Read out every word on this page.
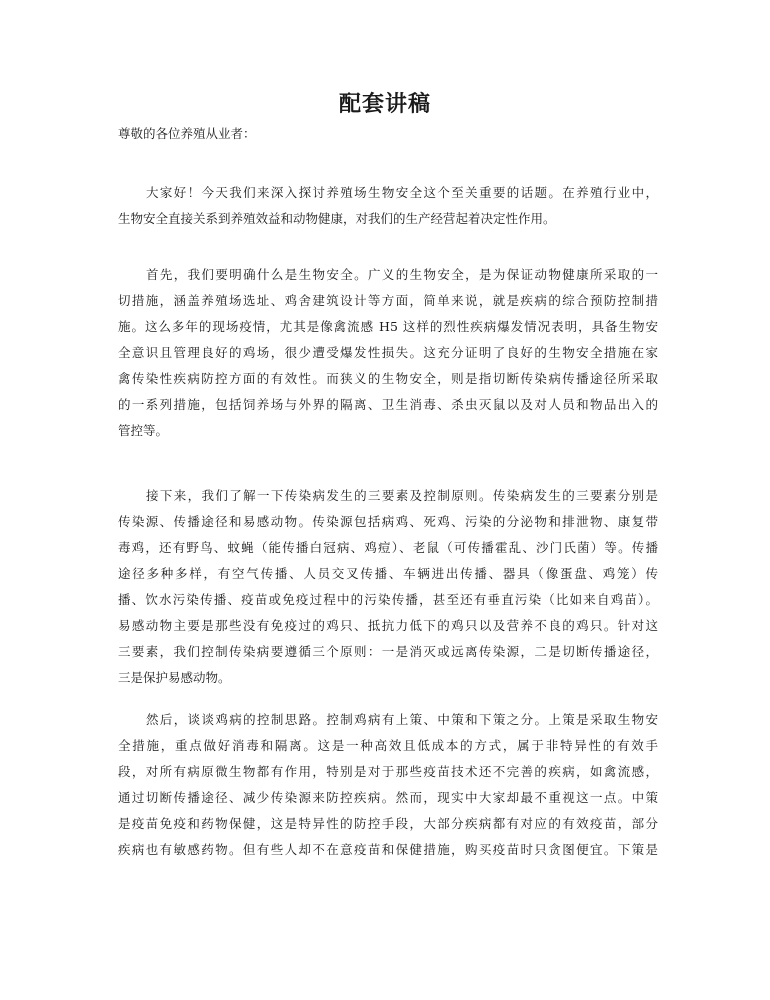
配套讲稿
尊敬的各位养殖从业者：
大家好！今天我们来深入探讨养殖场生物安全这个至关重要的话题。在养殖行业中，
生物安全直接关系到养殖效益和动物健康，对我们的生产经营起着决定性作用。
首先，我们要明确什么是生物安全。广义的生物安全，是为保证动物健康所采取的一
切措施，涵盖养殖场选址、鸡舍建筑设计等方面，简单来说，就是疾病的综合预防控制措
施。这么多年的现场疫情，尤其是像禽流感 H5 这样的烈性疾病爆发情况表明，具备生物安
全意识且管理良好的鸡场，很少遭受爆发性损失。这充分证明了良好的生物安全措施在家
禽传染性疾病防控方面的有效性。而狭义的生物安全，则是指切断传染病传播途径所采取
的一系列措施，包括饲养场与外界的隔离、卫生消毒、杀虫灭鼠以及对人员和物品出入的
管控等。
接下来，我们了解一下传染病发生的三要素及控制原则。传染病发生的三要素分别是
传染源、传播途径和易感动物。传染源包括病鸡、死鸡、污染的分泌物和排泄物、康复带
毒鸡，还有野鸟、蚊蝇（能传播白冠病、鸡痘）、老鼠（可传播霍乱、沙门氏菌）等。传播
途径多种多样，有空气传播、人员交叉传播、车辆进出传播、器具（像蛋盘、鸡笼）传
播、饮水污染传播、疫苗或免疫过程中的污染传播，甚至还有垂直污染（比如来自鸡苗）。
易感动物主要是那些没有免疫过的鸡只、抵抗力低下的鸡只以及营养不良的鸡只。针对这
三要素，我们控制传染病要遵循三个原则：一是消灭或远离传染源，二是切断传播途径，
三是保护易感动物。
然后，谈谈鸡病的控制思路。控制鸡病有上策、中策和下策之分。上策是采取生物安
全措施，重点做好消毒和隔离。这是一种高效且低成本的方式，属于非特异性的有效手
段，对所有病原微生物都有作用，特别是对于那些疫苗技术还不完善的疾病，如禽流感，
通过切断传播途径、减少传染源来防控疾病。然而，现实中大家却最不重视这一点。中策
是疫苗免疫和药物保健，这是特异性的防控手段，大部分疾病都有对应的有效疫苗，部分
疾病也有敏感药物。但有些人却不在意疫苗和保健措施，购买疫苗时只贪图便宜。下策是
